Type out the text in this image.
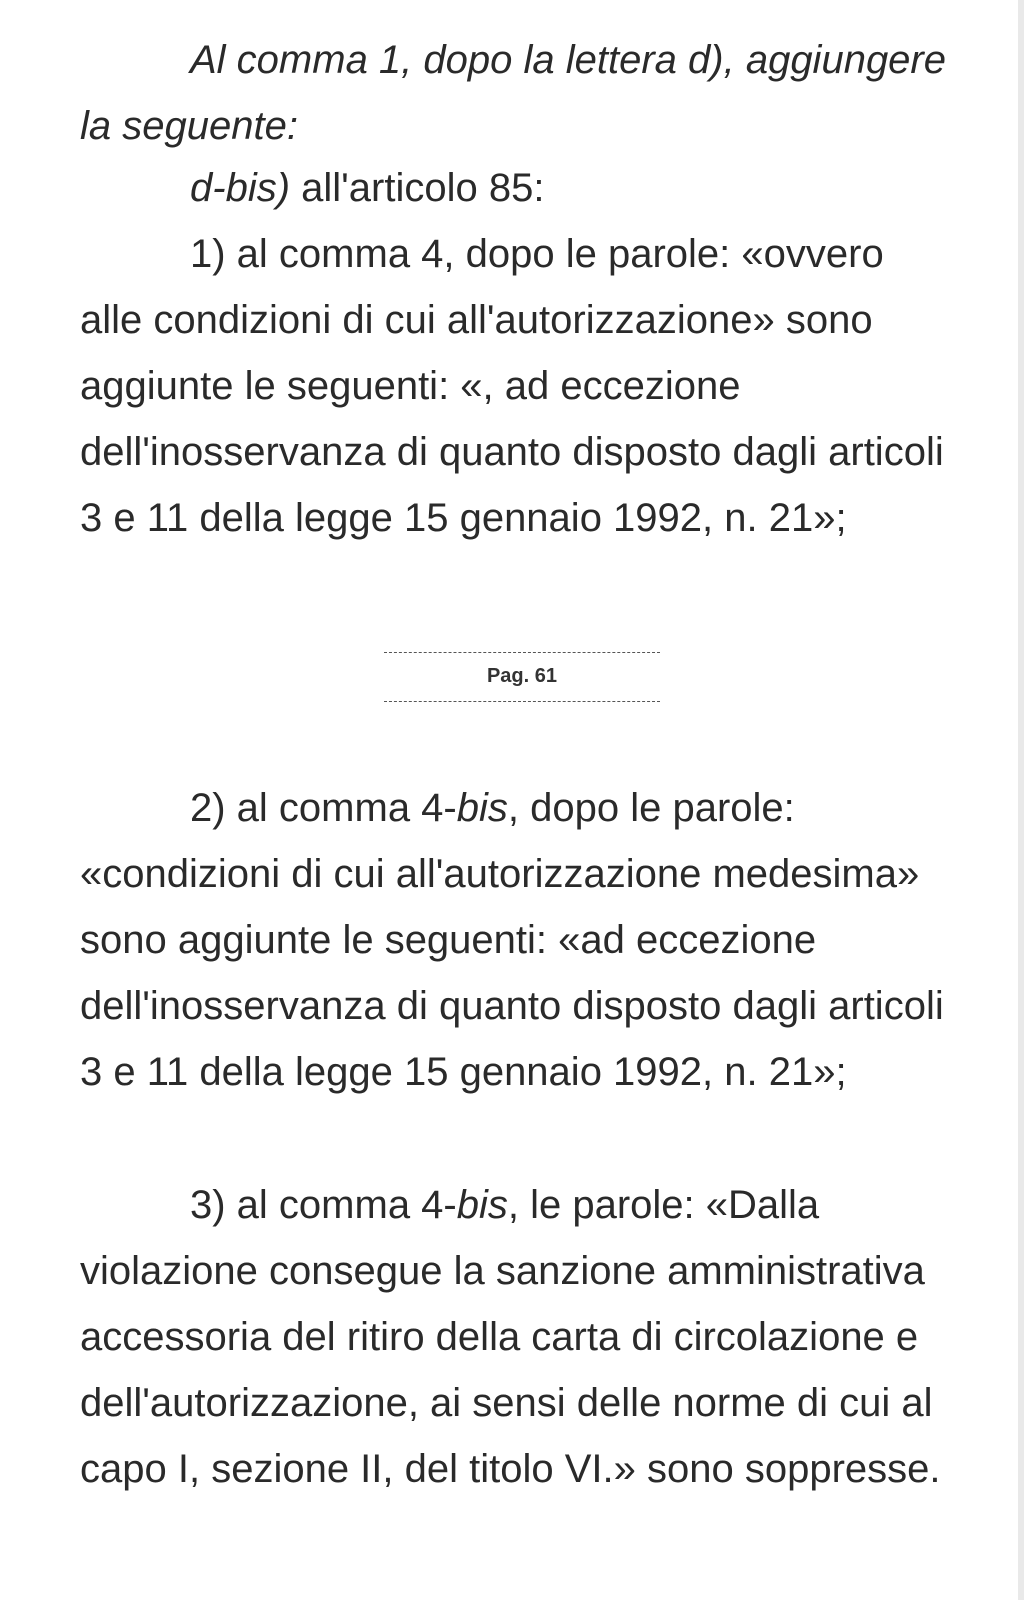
Al comma 1, dopo la lettera d), aggiungere la seguente:

d-bis) all'articolo 85:

1) al comma 4, dopo le parole: «ovvero alle condizioni di cui all'autorizzazione» sono aggiunte le seguenti: «, ad eccezione dell'inosservanza di quanto disposto dagli articoli 3 e 11 della legge 15 gennaio 1992, n. 21»;

Pag. 61

2) al comma 4-bis, dopo le parole: «condizioni di cui all'autorizzazione medesima» sono aggiunte le seguenti: «ad eccezione dell'inosservanza di quanto disposto dagli articoli 3 e 11 della legge 15 gennaio 1992, n. 21»;

3) al comma 4-bis, le parole: «Dalla violazione consegue la sanzione amministrativa accessoria del ritiro della carta di circolazione e dell'autorizzazione, ai sensi delle norme di cui al capo I, sezione II, del titolo VI.» sono soppresse.
